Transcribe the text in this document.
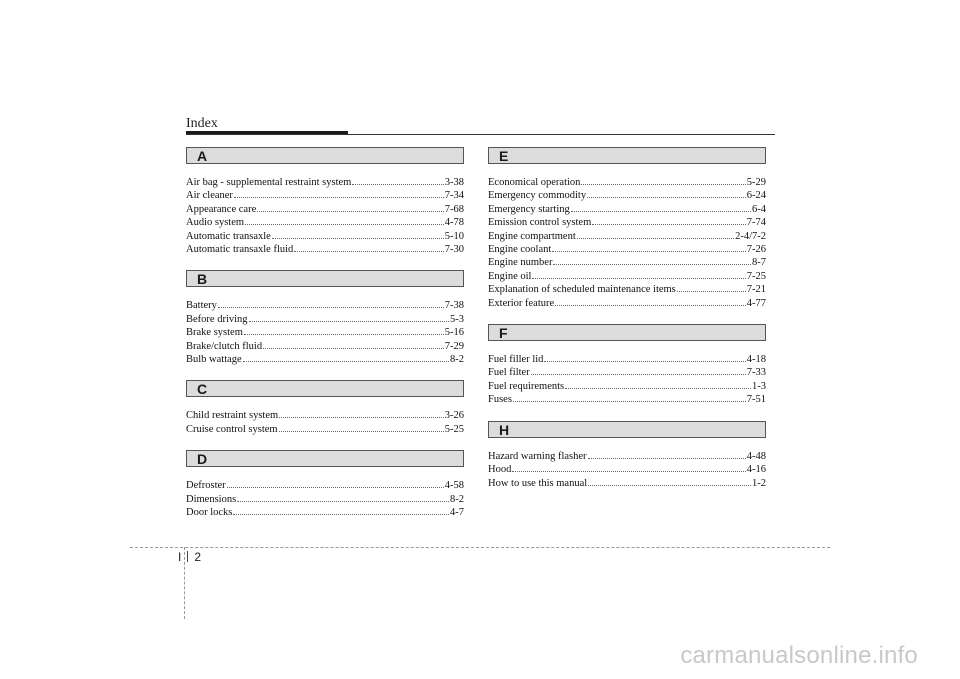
Index
A
Air bag - supplemental restraint system	3-38
Air cleaner	7-34
Appearance care	7-68
Audio system	4-78
Automatic transaxle	5-10
Automatic transaxle fluid	7-30
B
Battery	7-38
Before driving	5-3
Brake system	5-16
Brake/clutch fluid	7-29
Bulb wattage	8-2
C
Child restraint system	3-26
Cruise control system	5-25
D
Defroster	4-58
Dimensions	8-2
Door locks	4-7
E
Economical operation	5-29
Emergency commodity	6-24
Emergency starting	6-4
Emission control system	7-74
Engine compartment	2-4/7-2
Engine coolant	7-26
Engine number	8-7
Engine oil	7-25
Explanation of scheduled maintenance items	7-21
Exterior feature	4-77
F
Fuel filler lid	4-18
Fuel filter	7-33
Fuel requirements	1-3
Fuses	7-51
H
Hazard warning flasher	4-48
Hood	4-16
How to use this manual	1-2
I 2
carmanualsonline.info
